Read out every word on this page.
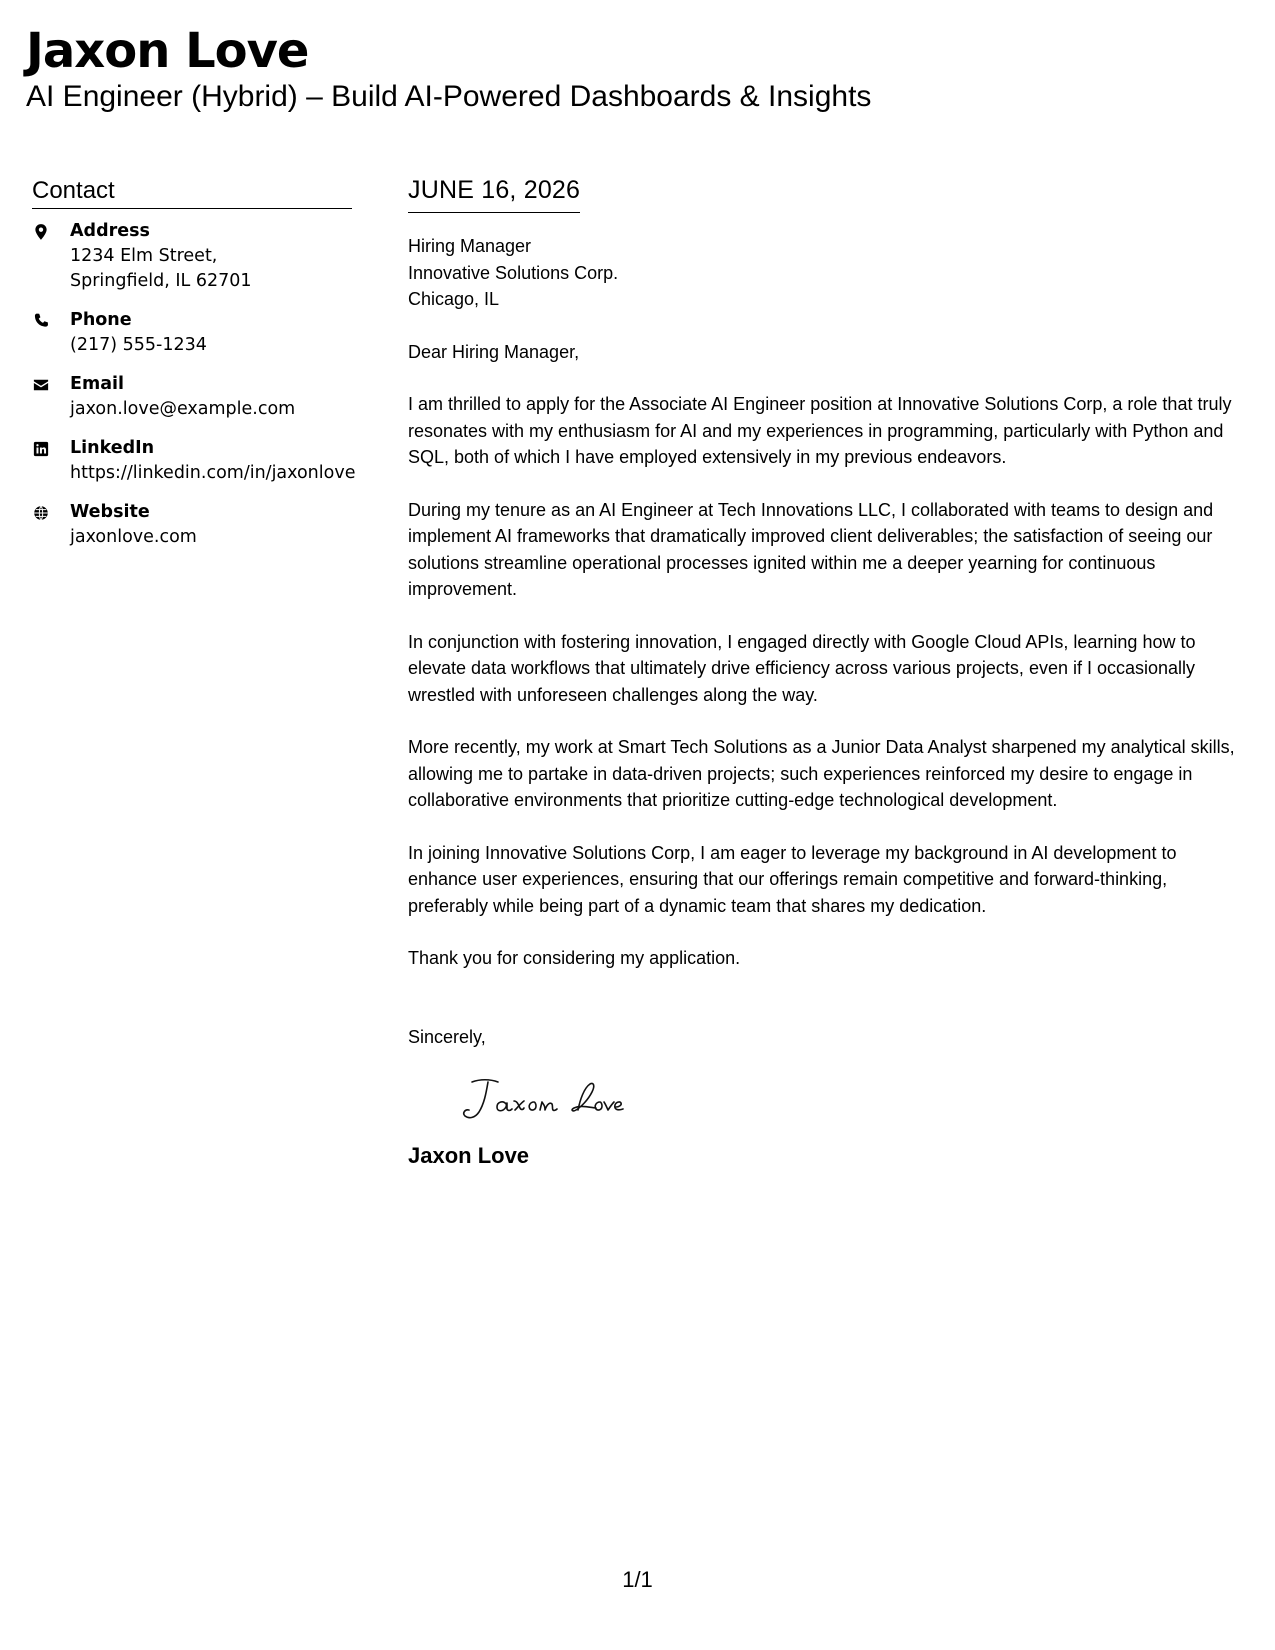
Jaxon Love

AI Engineer (Hybrid) – Build AI-Powered Dashboards & Insights

Contact
Address
1234 Elm Street, Springfield, IL 62701
Phone
(217) 555-1234
Email
jaxon.love@example.com
LinkedIn
https://linkedin.com/in/jaxonlove
Website
jaxonlove.com
JUNE 16, 2026
Hiring Manager
Innovative Solutions Corp.
Chicago, IL

Dear Hiring Manager,

I am thrilled to apply for the Associate AI Engineer position at Innovative Solutions Corp, a role that truly resonates with my enthusiasm for AI and my experiences in programming, particularly with Python and SQL, both of which I have employed extensively in my previous endeavors.

During my tenure as an AI Engineer at Tech Innovations LLC, I collaborated with teams to design and implement AI frameworks that dramatically improved client deliverables; the satisfaction of seeing our solutions streamline operational processes ignited within me a deeper yearning for continuous improvement.

In conjunction with fostering innovation, I engaged directly with Google Cloud APIs, learning how to elevate data workflows that ultimately drive efficiency across various projects, even if I occasionally wrestled with unforeseen challenges along the way.

More recently, my work at Smart Tech Solutions as a Junior Data Analyst sharpened my analytical skills, allowing me to partake in data-driven projects; such experiences reinforced my desire to engage in collaborative environments that prioritize cutting-edge technological development.

In joining Innovative Solutions Corp, I am eager to leverage my background in AI development to enhance user experiences, ensuring that our offerings remain competitive and forward-thinking, preferably while being part of a dynamic team that shares my dedication.

Thank you for considering my application.

Sincerely,

Jaxon Love
1/1
